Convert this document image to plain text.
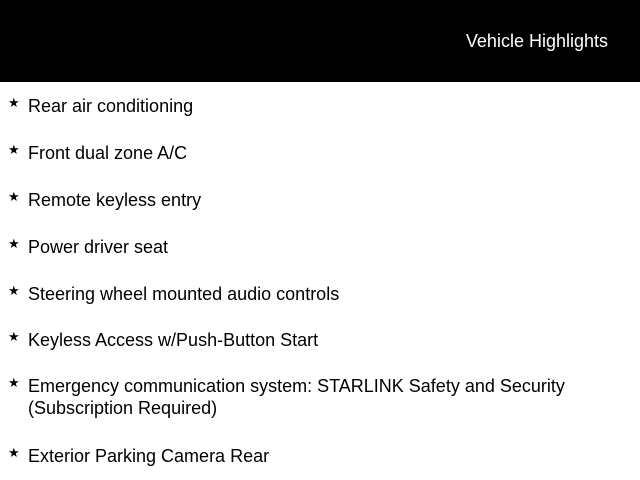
Vehicle Highlights
★ Rear air conditioning
★ Front dual zone A/C
★ Remote keyless entry
★ Power driver seat
★ Steering wheel mounted audio controls
★ Keyless Access w/Push-Button Start
★ Emergency communication system: STARLINK Safety and Security (Subscription Required)
★ Exterior Parking Camera Rear
